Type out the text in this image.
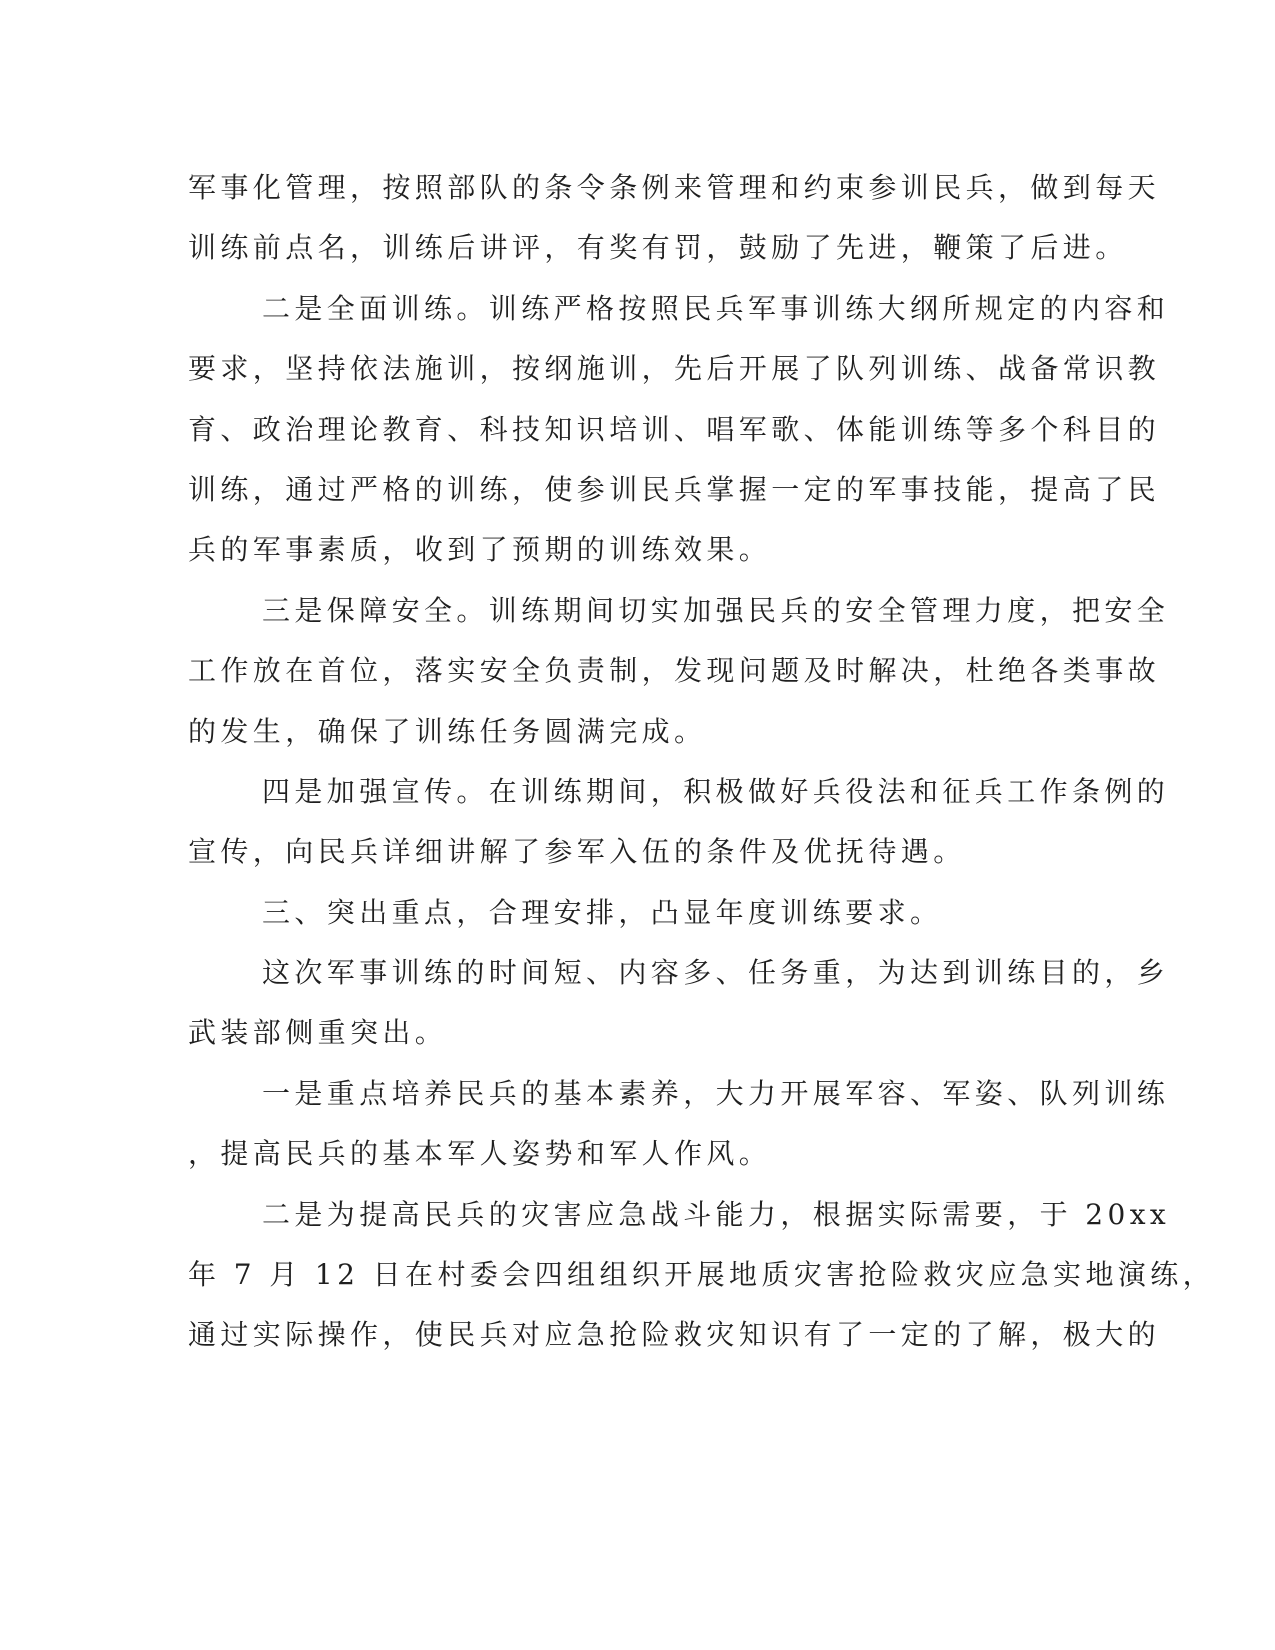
军事化管理，按照部队的条令条例来管理和约束参训民兵，做到每天
训练前点名，训练后讲评，有奖有罚，鼓励了先进，鞭策了后进。
二是全面训练。训练严格按照民兵军事训练大纲所规定的内容和
要求，坚持依法施训，按纲施训，先后开展了队列训练、战备常识教
育、政治理论教育、科技知识培训、唱军歌、体能训练等多个科目的
训练，通过严格的训练，使参训民兵掌握一定的军事技能，提高了民
兵的军事素质，收到了预期的训练效果。
三是保障安全。训练期间切实加强民兵的安全管理力度，把安全
工作放在首位，落实安全负责制，发现问题及时解决，杜绝各类事故
的发生，确保了训练任务圆满完成。
四是加强宣传。在训练期间，积极做好兵役法和征兵工作条例的
宣传，向民兵详细讲解了参军入伍的条件及优抚待遇。
三、突出重点，合理安排，凸显年度训练要求。
这次军事训练的时间短、内容多、任务重，为达到训练目的，乡
武装部侧重突出。
一是重点培养民兵的基本素养，大力开展军容、军姿、队列训练
，提高民兵的基本军人姿势和军人作风。
二是为提高民兵的灾害应急战斗能力，根据实际需要，于 20xx
年 7 月 12 日在村委会四组组织开展地质灾害抢险救灾应急实地演练，
通过实际操作，使民兵对应急抢险救灾知识有了一定的了解，极大的
